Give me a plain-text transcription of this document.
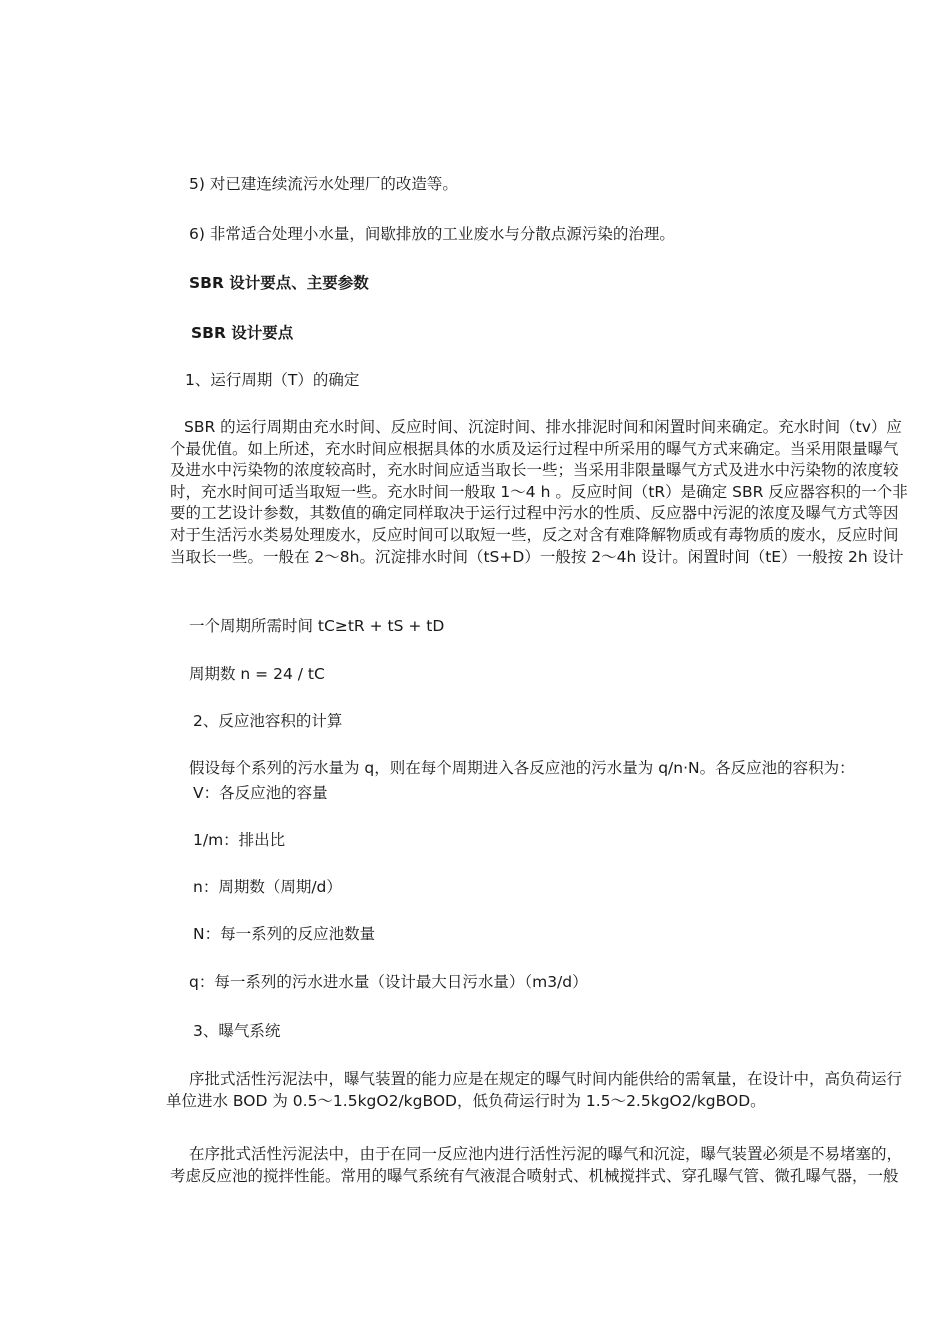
5) 对已建连续流污水处理厂的改造等。

6) 非常适合处理小水量，间歇排放的工业废水与分散点源污染的治理。

SBR 设计要点、主要参数

SBR 设计要点

1、运行周期（T）的确定

SBR 的运行周期由充水时间、反应时间、沉淀时间、排水排泥时间和闲置时间来确定。充水时间（tv）应
个最优值。如上所述，充水时间应根据具体的水质及运行过程中所采用的曝气方式来确定。当采用限量曝气
及进水中污染物的浓度较高时，充水时间应适当取长一些；当采用非限量曝气方式及进水中污染物的浓度较
时，充水时间可适当取短一些。充水时间一般取 1～4 h 。反应时间（tR）是确定 SBR 反应器容积的一个非
要的工艺设计参数，其数值的确定同样取决于运行过程中污水的性质、反应器中污泥的浓度及曝气方式等因
对于生活污水类易处理废水，反应时间可以取短一些，反之对含有难降解物质或有毒物质的废水，反应时间
当取长一些。一般在 2～8h。沉淀排水时间（tS+D）一般按 2～4h 设计。闲置时间（tE）一般按 2h 设计

一个周期所需时间 tC≥tR + tS + tD

周期数 n = 24 / tC

2、反应池容积的计算

假设每个系列的污水量为 q，则在每个周期进入各反应池的污水量为 q/n·N。各反应池的容积为：

V：各反应池的容量

1/m：排出比

n：周期数（周期/d）

N：每一系列的反应池数量

q：每一系列的污水进水量（设计最大日污水量）（m3/d）

3、曝气系统

序批式活性污泥法中，曝气装置的能力应是在规定的曝气时间内能供给的需氧量，在设计中，高负荷运行
单位进水 BOD 为 0.5～1.5kgO2/kgBOD，低负荷运行时为 1.5～2.5kgO2/kgBOD。
在序批式活性污泥法中，由于在同一反应池内进行活性污泥的曝气和沉淀，曝气装置必须是不易堵塞的，
考虑反应池的搅拌性能。常用的曝气系统有气液混合喷射式、机械搅拌式、穿孔曝气管、微孔曝气器，一般
